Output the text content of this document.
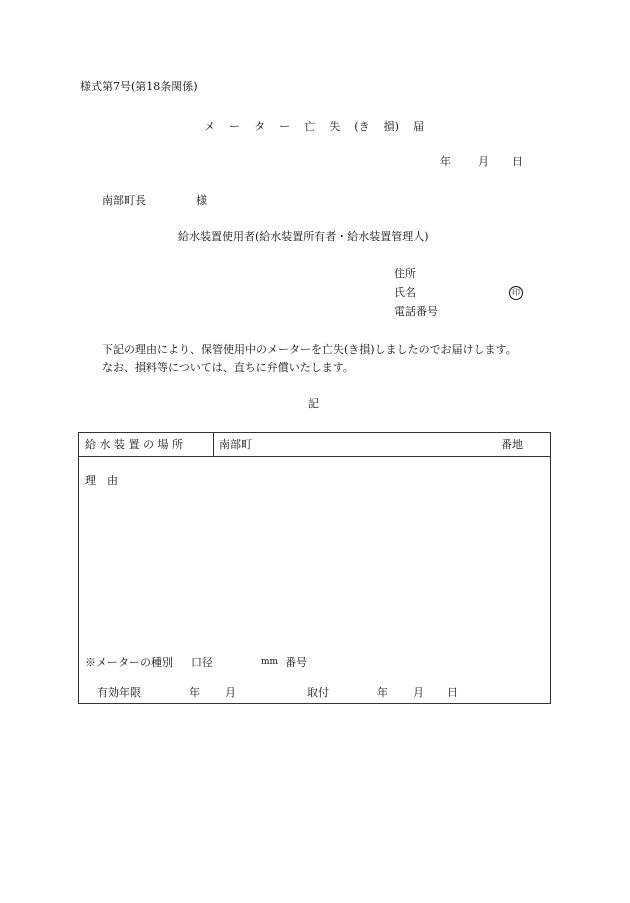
様式第7号(第18条関係)
メ ー タ ー 亡 失 (き 損) 届
年 月 日
南部町長	様
給水装置使用者(給水装置所有者・給水装置管理人)
住所
氏名	印
電話番号
下記の理由により、保管使用中のメーターを亡失(き損)しましたのでお届けします。
なお、損料等については、直ちに弁償いたします。
記
給 水 装 置 の 場 所	南部町	番地
理　由
※メーターの種別 口径	mm 番号
有効年限	年 月	取付	年 月 日
